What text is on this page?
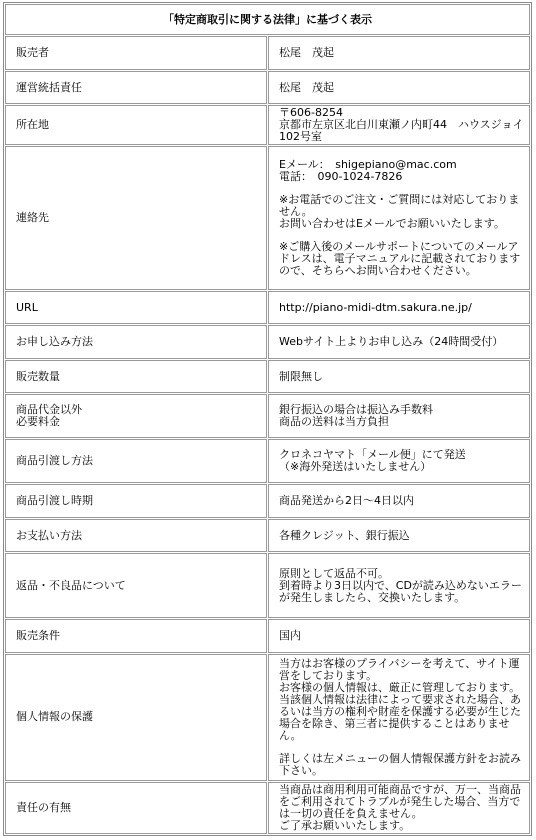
「特定商取引に関する法律」に基づく表示	

販売者	松尾　茂起

運営統括責任	松尾　茂起

所在地	〒606-8254
京都市左京区北白川東瀬ノ内町44　ハウスジョイ102号室

連絡先	Eメール：　shigepiano@mac.com
電話：　090-1024-7826
※お電話でのご注文・ご質問には対応しておりません。
お問い合わせはEメールでお願いいたします。
※ご購入後のメールサポートについてのメールアドレスは、電子マニュアルに記載されておりますので、そちらへお問い合わせください。

URL	http://piano-midi-dtm.sakura.ne.jp/

お申し込み方法	Webサイト上よりお申し込み（24時間受付）

販売数量	制限無し

商品代金以外
必要料金	銀行振込の場合は振込み手数料
商品の送料は当方負担

商品引渡し方法	クロネコヤマト「メール便」にて発送
（※海外発送はいたしません）

商品引渡し時期	商品発送から2日～4日以内

お支払い方法	各種クレジット、銀行振込

返品・不良品について	原則として返品不可。
到着時より3日以内で、CDが読み込めないエラーが発生しましたら、交換いたします。

販売条件	国内

個人情報の保護	当方はお客様のプライバシーを考えて、サイト運営をしております。
お客様の個人情報は、厳正に管理しております。
当該個人情報は法律によって要求された場合、あるいは当方の権利や財産を保護する必要が生じた場合を除き、第三者に提供することはありません。
詳しくは左メニューの個人情報保護方針をお読み下さい。

責任の有無	当商品は商用利用可能商品ですが、万一、当商品をご利用されてトラブルが発生した場合、当方では一切の責任を負えません。
ご了承お願いいたします。
